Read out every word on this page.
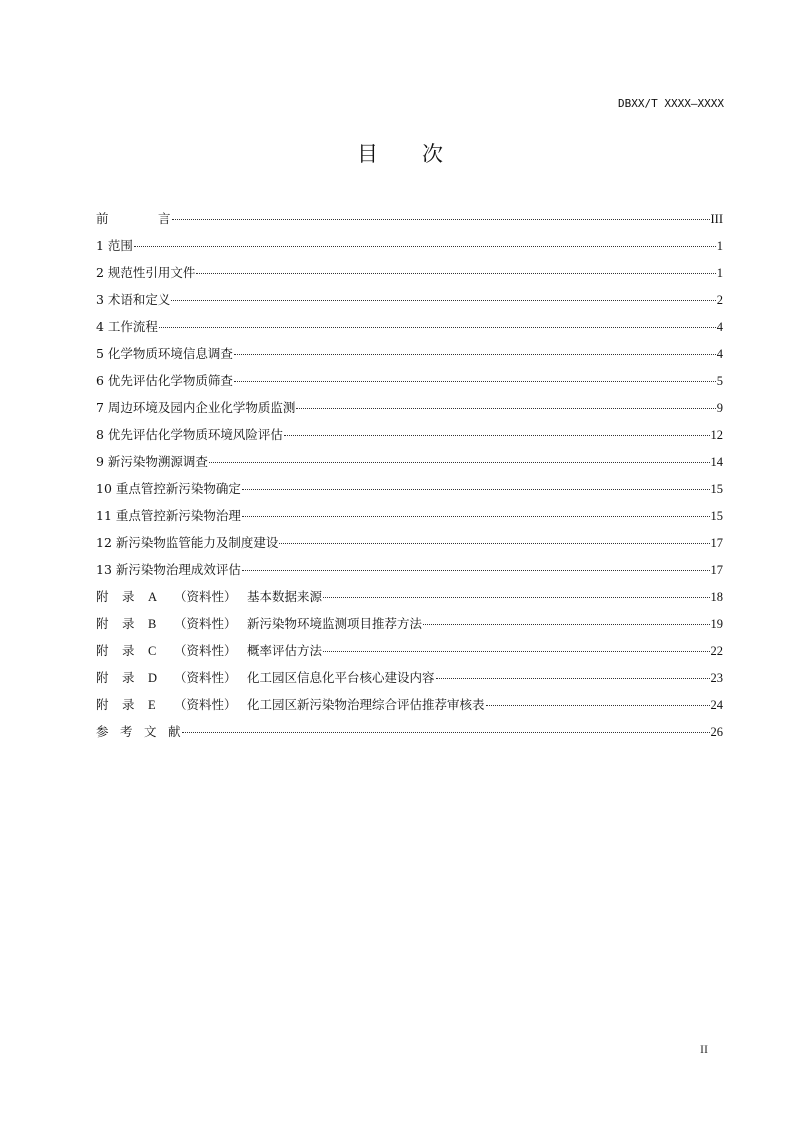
DBXX/T XXXX—XXXX
目 次
前	言	III
1 范围	1
2 规范性引用文件	1
3 术语和定义	2
4 工作流程	4
5 化学物质环境信息调查	4
6 优先评估化学物质筛查	5
7 周边环境及园内企业化学物质监测	9
8 优先评估化学物质环境风险评估	12
9 新污染物溯源调查	14
10 重点管控新污染物确定	15
11 重点管控新污染物治理	15
12 新污染物监管能力及制度建设	17
13 新污染物治理成效评估	17
附 录 A （资料性） 基本数据来源	18
附 录 B （资料性） 新污染物环境监测项目推荐方法	19
附 录 C （资料性） 概率评估方法	22
附 录 D （资料性） 化工园区信息化平台核心建设内容	23
附 录 E （资料性） 化工园区新污染物治理综合评估推荐审核表	24
参 考 文 献	26
II
